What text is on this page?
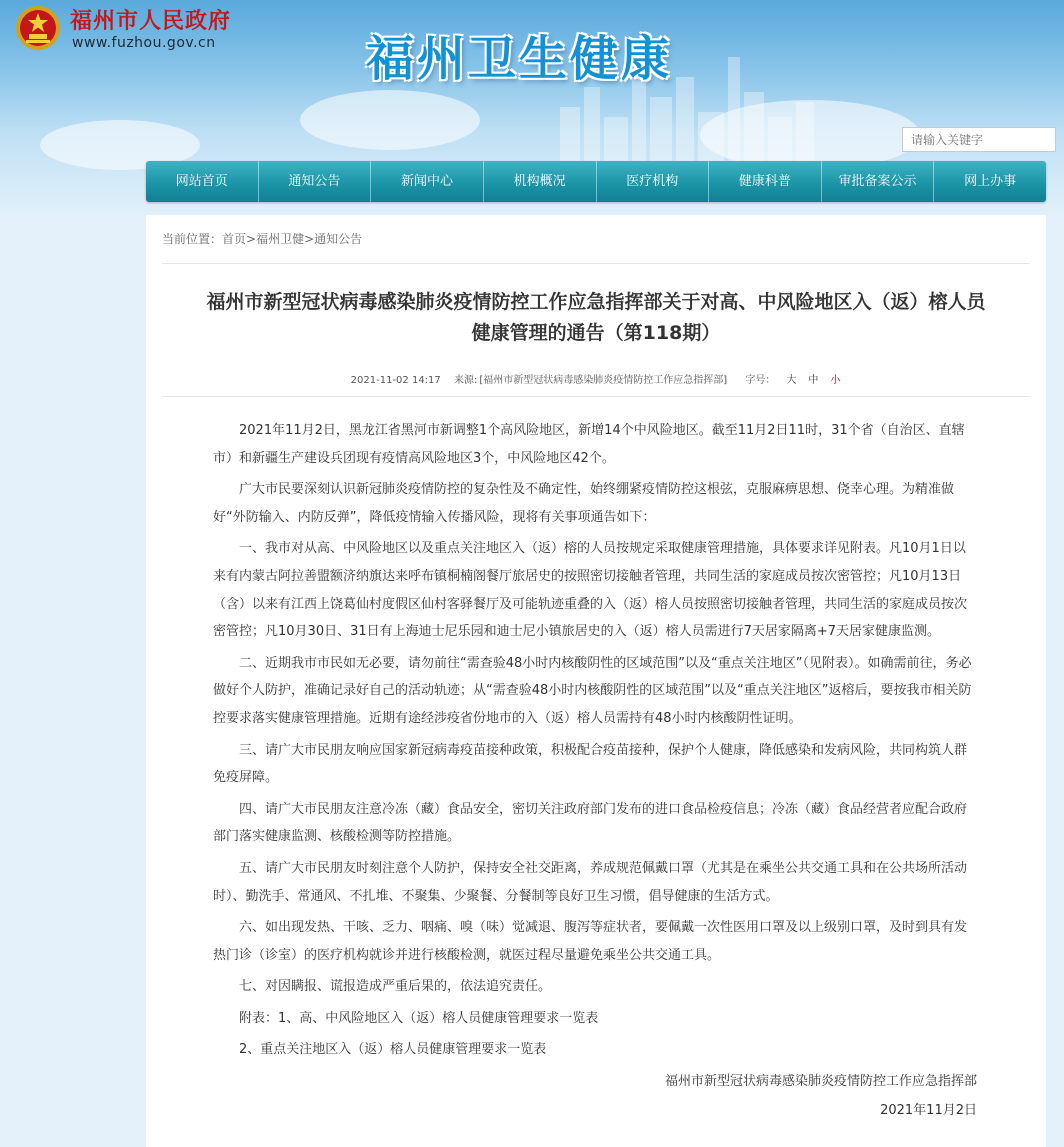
福州市人民政府
www.fuzhou.gov.cn	福州卫生健康
请输入关键字
网站首页	通知公告	新闻中心	机构概况	医疗机构	健康科普	审批备案公示	网上办事
当前位置：首页>福州卫健>通知公告
福州市新型冠状病毒感染肺炎疫情防控工作应急指挥部关于对高、中风险地区入（返）榕人员
健康管理的通告（第118期）
2021-11-02 14:17 来源: [福州市新型冠状病毒感染肺炎疫情防控工作应急指挥部] 字号： 大 中 小

2021年11月2日，黑龙江省黑河市新调整1个高风险地区，新增14个中风险地区。截至11月2日11时，31个省（自治区、直辖市）和新疆生产建设兵团现有疫情高风险地区3个，中风险地区42个。

广大市民要深刻认识新冠肺炎疫情防控的复杂性及不确定性，始终绷紧疫情防控这根弦，克服麻痹思想、侥幸心理。为精准做好“外防输入、内防反弹”，降低疫情输入传播风险，现将有关事项通告如下：

一、我市对从高、中风险地区以及重点关注地区入（返）榕的人员按规定采取健康管理措施，具体要求详见附表。凡10月1日以来有内蒙古阿拉善盟额济纳旗达来呼布镇桐楠阁餐厅旅居史的按照密切接触者管理，共同生活的家庭成员按次密管控；凡10月13日（含）以来有江西上饶葛仙村度假区仙村客驿餐厅及可能轨迹重叠的入（返）榕人员按照密切接触者管理，共同生活的家庭成员按次密管控；凡10月30日、31日有上海迪士尼乐园和迪士尼小镇旅居史的入（返）榕人员需进行7天居家隔离+7天居家健康监测。

二、近期我市市民如无必要，请勿前往“需查验48小时内核酸阴性的区域范围”以及“重点关注地区”（见附表）。如确需前往，务必做好个人防护，准确记录好自己的活动轨迹；从“需查验48小时内核酸阴性的区域范围”以及“重点关注地区”返榕后，要按我市相关防控要求落实健康管理措施。近期有途经涉疫省份地市的入（返）榕人员需持有48小时内核酸阴性证明。

三、请广大市民朋友响应国家新冠病毒疫苗接种政策，积极配合疫苗接种，保护个人健康，降低感染和发病风险，共同构筑人群免疫屏障。

四、请广大市民朋友注意冷冻（藏）食品安全，密切关注政府部门发布的进口食品检疫信息；冷冻（藏）食品经营者应配合政府部门落实健康监测、核酸检测等防控措施。

五、请广大市民朋友时刻注意个人防护，保持安全社交距离，养成规范佩戴口罩（尤其是在乘坐公共交通工具和在公共场所活动时）、勤洗手、常通风、不扎堆、不聚集、少聚餐、分餐制等良好卫生习惯，倡导健康的生活方式。

六、如出现发热、干咳、乏力、咽痛、嗅（味）觉减退、腹泻等症状者，要佩戴一次性医用口罩及以上级别口罩，及时到具有发热门诊（诊室）的医疗机构就诊并进行核酸检测，就医过程尽量避免乘坐公共交通工具。

七、对因瞒报、谎报造成严重后果的，依法追究责任。

附表：1、高、中风险地区入（返）榕人员健康管理要求一览表

2、重点关注地区入（返）榕人员健康管理要求一览表

福州市新型冠状病毒感染肺炎疫情防控工作应急指挥部
2021年11月2日
